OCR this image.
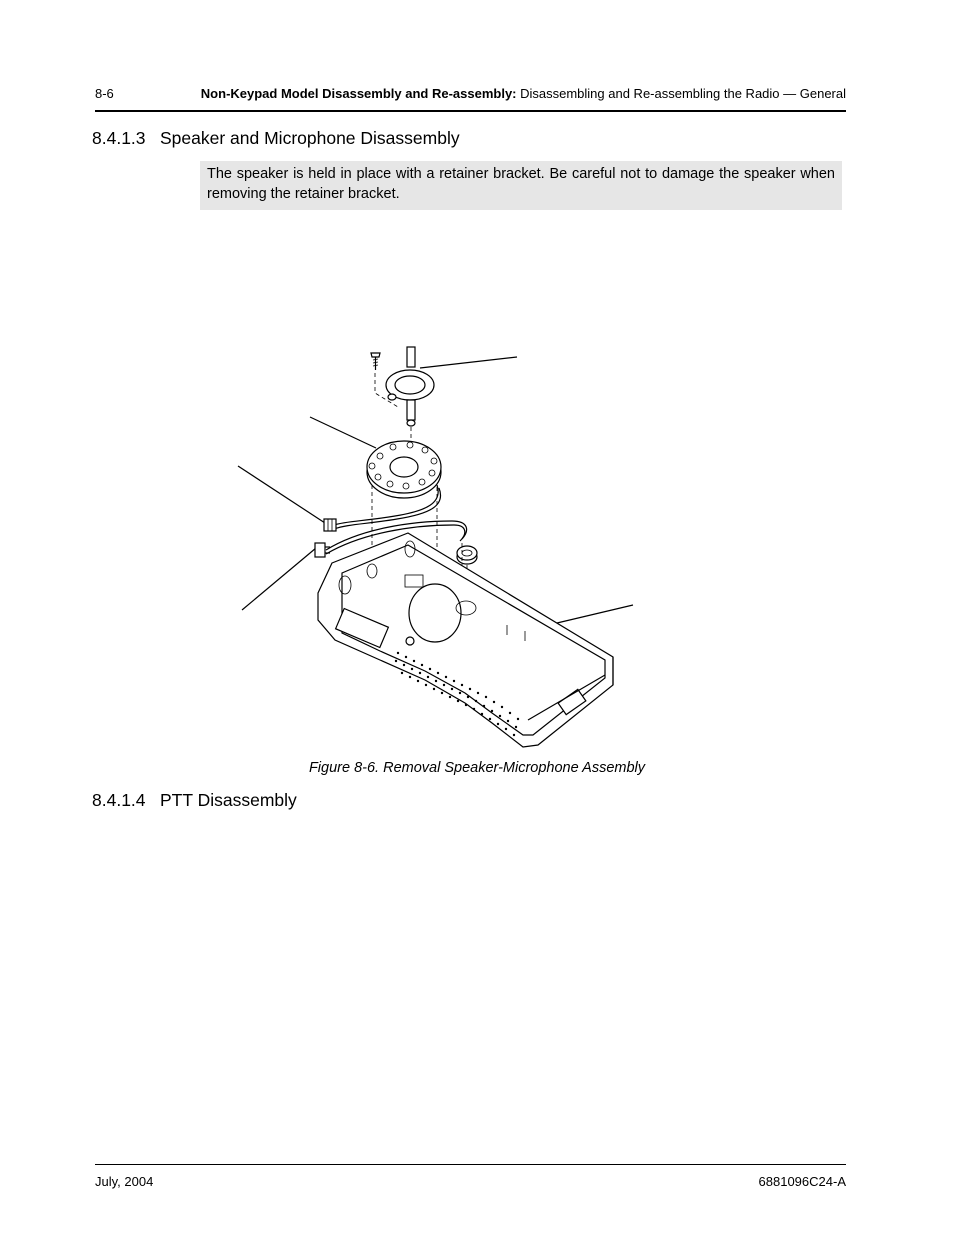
8-6	Non-Keypad Model Disassembly and Re-assembly: Disassembling and Re-assembling the Radio — General
8.4.1.3 Speaker and Microphone Disassembly
The speaker is held in place with a retainer bracket. Be careful not to damage the speaker when removing the retainer bracket.
Figure 8-6. Removal Speaker-Microphone Assembly
8.4.1.4 PTT Disassembly
July, 2004	6881096C24-A
